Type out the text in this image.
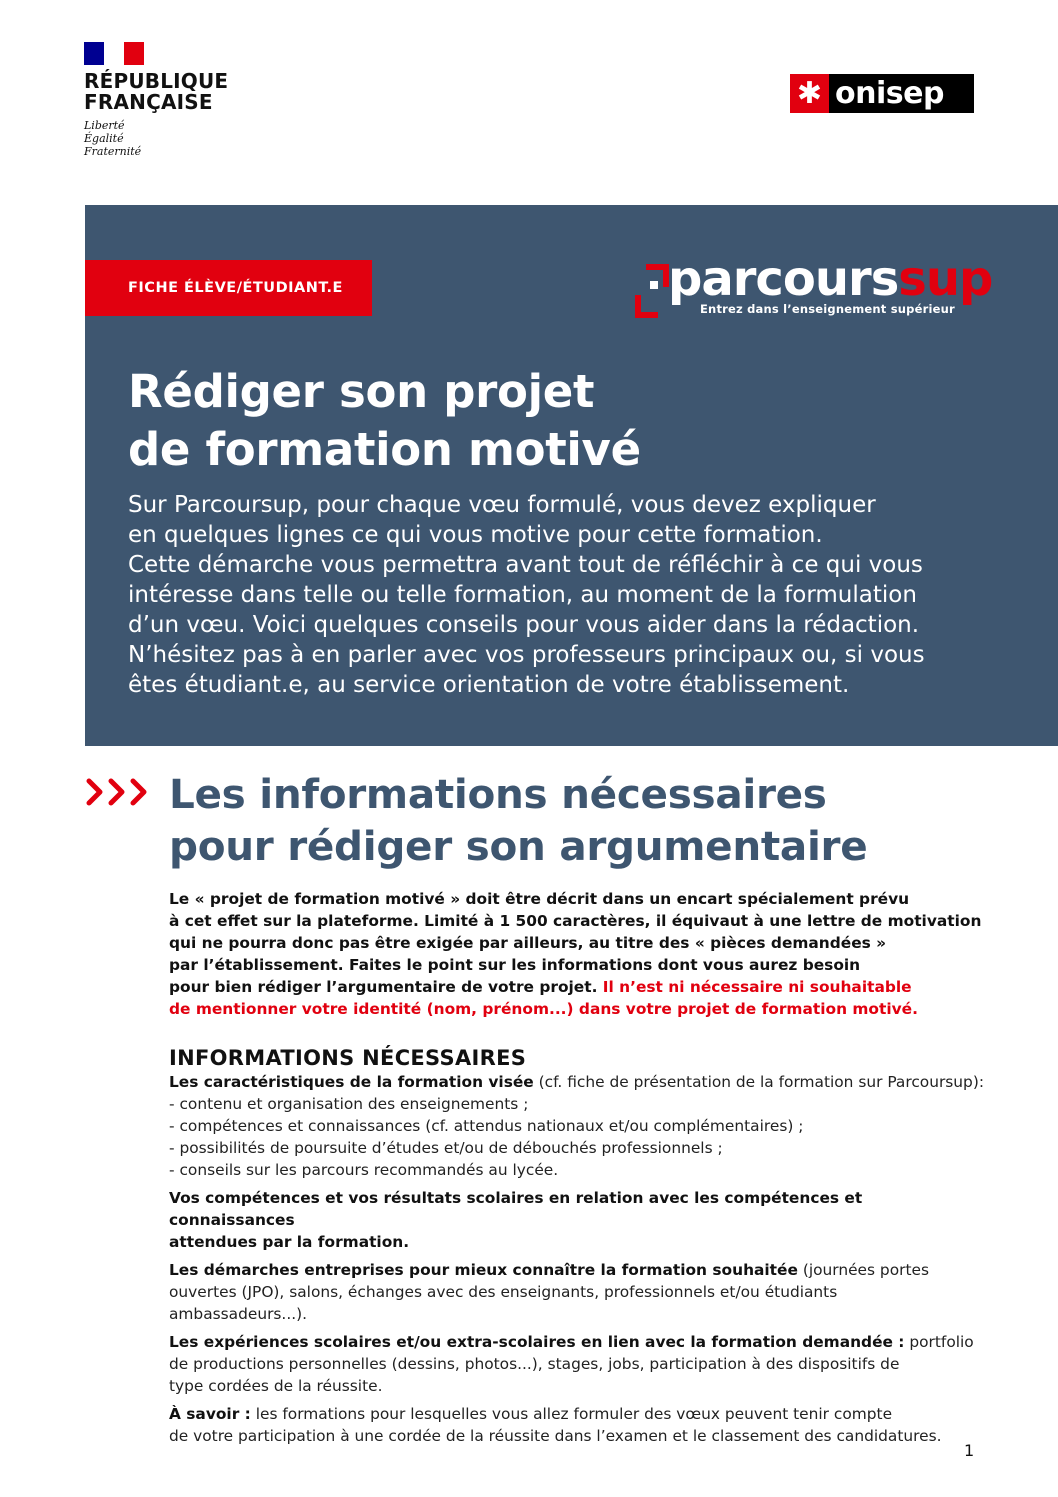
RÉPUBLIQUE
FRANÇAISE
Liberté
Égalité
Fraternité
✱ onisep
FICHE ÉLÈVE/ÉTUDIANT.E	parcourssup
Entrez dans l’enseignement supérieur
Rédiger son projet
de formation motivé
Sur Parcoursup, pour chaque vœu formulé, vous devez expliquer
en quelques lignes ce qui vous motive pour cette formation.
Cette démarche vous permettra avant tout de réfléchir à ce qui vous
intéresse dans telle ou telle formation, au moment de la formulation
d’un vœu. Voici quelques conseils pour vous aider dans la rédaction.
N’hésitez pas à en parler avec vos professeurs principaux ou, si vous
êtes étudiant.e, au service orientation de votre établissement.
Les informations nécessaires
pour rédiger son argumentaire
Le « projet de formation motivé » doit être décrit dans un encart spécialement prévu
à cet effet sur la plateforme. Limité à 1 500 caractères, il équivaut à une lettre de motivation
qui ne pourra donc pas être exigée par ailleurs, au titre des « pièces demandées »
par l’établissement. Faites le point sur les informations dont vous aurez besoin
pour bien rédiger l’argumentaire de votre projet. Il n’est ni nécessaire ni souhaitable
de mentionner votre identité (nom, prénom...) dans votre projet de formation motivé.
INFORMATIONS NÉCESSAIRES

Les caractéristiques de la formation visée (cf. fiche de présentation de la formation sur Parcoursup):

- contenu et organisation des enseignements ;

- compétences et connaissances (cf. attendus nationaux et/ou complémentaires) ;

- possibilités de poursuite d’études et/ou de débouchés professionnels ;

- conseils sur les parcours recommandés au lycée.

Vos compétences et vos résultats scolaires en relation avec les compétences et connaissances

attendues par la formation.

Les démarches entreprises pour mieux connaître la formation souhaitée (journées portes

ouvertes (JPO), salons, échanges avec des enseignants, professionnels et/ou étudiants

ambassadeurs...).

Les expériences scolaires et/ou extra-scolaires en lien avec la formation demandée : portfolio

de productions personnelles (dessins, photos...), stages, jobs, participation à des dispositifs de

type cordées de la réussite.

À savoir : les formations pour lesquelles vous allez formuler des vœux peuvent tenir compte

de votre participation à une cordée de la réussite dans l’examen et le classement des candidatures.

1
